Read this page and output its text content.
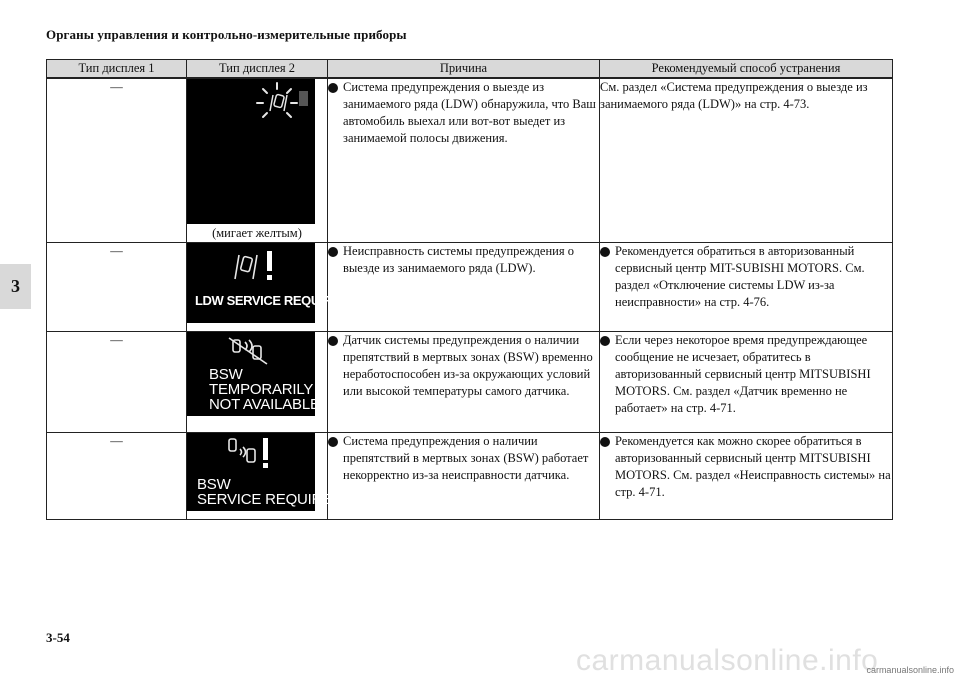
Органы управления и контрольно-измерительные приборы
3
Тип дисплея 1	Тип дисплея 2	Причина	Рекомендуемый способ устранения
—	(мигает желтым)	Система предупреждения о выезде из занимаемого ряда (LDW) обнаружила, что Ваш автомобиль выехал или вот-вот выедет из занимаемой полосы движения.	См. раздел «Система предупреждения о выезде из занимаемого ряда (LDW)» на стр. 4-73.
—	LDW SERVICE REQUIRED	Неисправность системы предупреждения о выезде из занимаемого ряда (LDW).	Рекомендуется обратиться в авторизованный сервисный центр MIT-SUBISHI MOTORS. См. раздел «Отключение системы LDW из-за неисправности» на стр. 4-76.

—	BSW
TEMPORARILY
NOT AVAILABLE	Датчик системы предупреждения о наличии препятствий в мертвых зонах (BSW) временно неработоспособен из-за окружающих условий или высокой температуры самого датчика.	Если через некоторое время предупреждающее сообщение не исчезает, обратитесь в авторизованный сервисный центр MITSUBISHI MOTORS. См. раздел «Датчик временно не работает» на стр. 4-71.

—	BSW
SERVICE REQUIRED	Система предупреждения о наличии препятствий в мертвых зонах (BSW) работает некорректно из-за неисправности датчика.	Рекомендуется как можно скорее обратиться в авторизованный сервисный центр MITSUBISHI MOTORS. См. раздел «Неисправность системы» на стр. 4-71.
3-54
carmanualsonline.info
carmanualsonline.info
